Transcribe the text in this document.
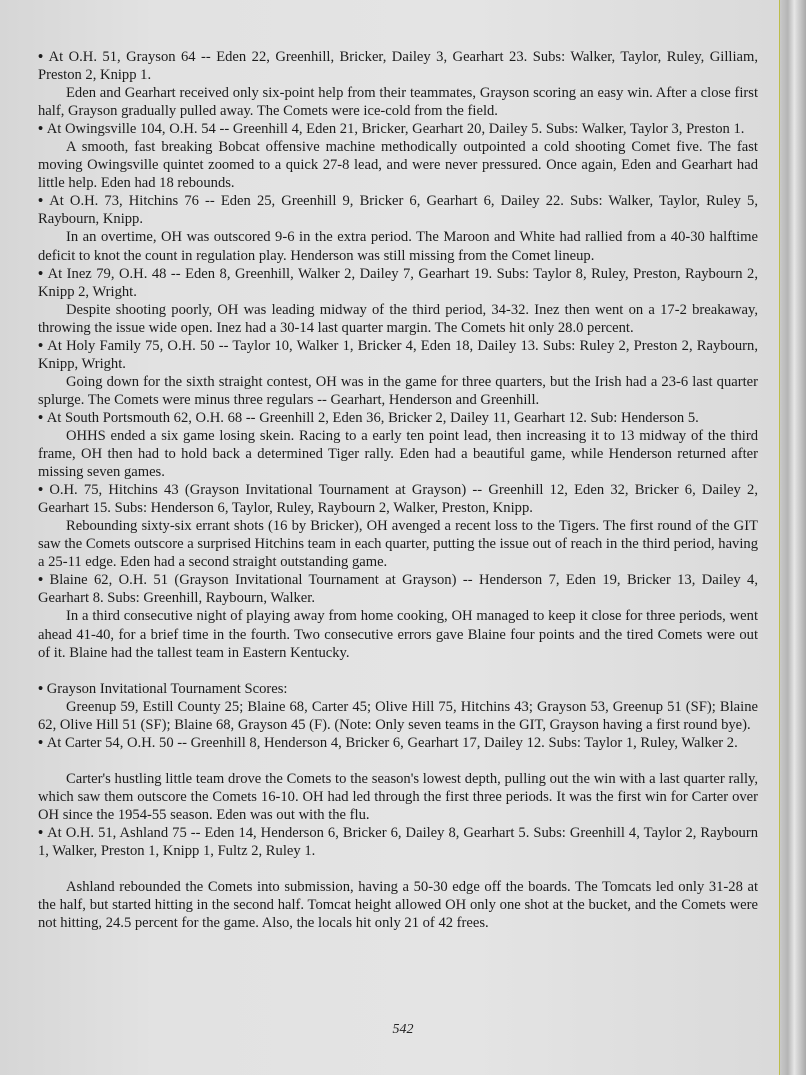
• At O.H. 51, Grayson 64 -- Eden 22, Greenhill, Bricker, Dailey 3, Gearhart 23. Subs: Walker, Taylor, Ruley, Gilliam, Preston 2, Knipp 1.

Eden and Gearhart received only six-point help from their teammates, Grayson scoring an easy win. After a close first half, Grayson gradually pulled away. The Comets were ice-cold from the field.

• At Owingsville 104, O.H. 54 -- Greenhill 4, Eden 21, Bricker, Gearhart 20, Dailey 5. Subs: Walker, Taylor 3, Preston 1.

A smooth, fast breaking Bobcat offensive machine methodically outpointed a cold shooting Comet five. The fast moving Owingsville quintet zoomed to a quick 27-8 lead, and were never pressured. Once again, Eden and Gearhart had little help. Eden had 18 rebounds.

• At O.H. 73, Hitchins 76 -- Eden 25, Greenhill 9, Bricker 6, Gearhart 6, Dailey 22. Subs: Walker, Taylor, Ruley 5, Raybourn, Knipp.

In an overtime, OH was outscored 9-6 in the extra period. The Maroon and White had rallied from a 40-30 halftime deficit to knot the count in regulation play. Henderson was still missing from the Comet lineup.

• At Inez 79, O.H. 48 -- Eden 8, Greenhill, Walker 2, Dailey 7, Gearhart 19. Subs: Taylor 8, Ruley, Preston, Raybourn 2, Knipp 2, Wright.

Despite shooting poorly, OH was leading midway of the third period, 34-32. Inez then went on a 17-2 breakaway, throwing the issue wide open. Inez had a 30-14 last quarter margin. The Comets hit only 28.0 percent.

• At Holy Family 75, O.H. 50 -- Taylor 10, Walker 1, Bricker 4, Eden 18, Dailey 13. Subs: Ruley 2, Preston 2, Raybourn, Knipp, Wright.

Going down for the sixth straight contest, OH was in the game for three quarters, but the Irish had a 23-6 last quarter splurge. The Comets were minus three regulars -- Gearhart, Henderson and Greenhill.

• At South Portsmouth 62, O.H. 68 -- Greenhill 2, Eden 36, Bricker 2, Dailey 11, Gearhart 12. Sub: Henderson 5.

OHHS ended a six game losing skein. Racing to a early ten point lead, then increasing it to 13 midway of the third frame, OH then had to hold back a determined Tiger rally. Eden had a beautiful game, while Henderson returned after missing seven games.

• O.H. 75, Hitchins 43 (Grayson Invitational Tournament at Grayson) -- Greenhill 12, Eden 32, Bricker 6, Dailey 2, Gearhart 15. Subs: Henderson 6, Taylor, Ruley, Raybourn 2, Walker, Preston, Knipp.

Rebounding sixty-six errant shots (16 by Bricker), OH avenged a recent loss to the Tigers. The first round of the GIT saw the Comets outscore a surprised Hitchins team in each quarter, putting the issue out of reach in the third period, having a 25-11 edge. Eden had a second straight outstanding game.

• Blaine 62, O.H. 51 (Grayson Invitational Tournament at Grayson) -- Henderson 7, Eden 19, Bricker 13, Dailey 4, Gearhart 8. Subs: Greenhill, Raybourn, Walker.

In a third consecutive night of playing away from home cooking, OH managed to keep it close for three periods, went ahead 41-40, for a brief time in the fourth. Two consecutive errors gave Blaine four points and the tired Comets were out of it. Blaine had the tallest team in Eastern Kentucky.

• Grayson Invitational Tournament Scores:

Greenup 59, Estill County 25; Blaine 68, Carter 45; Olive Hill 75, Hitchins 43; Grayson 53, Greenup 51 (SF); Blaine 62, Olive Hill 51 (SF); Blaine 68, Grayson 45 (F). (Note: Only seven teams in the GIT, Grayson having a first round bye).

• At Carter 54, O.H. 50 -- Greenhill 8, Henderson 4, Bricker 6, Gearhart 17, Dailey 12. Subs: Taylor 1, Ruley, Walker 2.

Carter's hustling little team drove the Comets to the season's lowest depth, pulling out the win with a last quarter rally, which saw them outscore the Comets 16-10. OH had led through the first three periods. It was the first win for Carter over OH since the 1954-55 season. Eden was out with the flu.

• At O.H. 51, Ashland 75 -- Eden 14, Henderson 6, Bricker 6, Dailey 8, Gearhart 5. Subs: Greenhill 4, Taylor 2, Raybourn 1, Walker, Preston 1, Knipp 1, Fultz 2, Ruley 1.

Ashland rebounded the Comets into submission, having a 50-30 edge off the boards. The Tomcats led only 31-28 at the half, but started hitting in the second half. Tomcat height allowed OH only one shot at the bucket, and the Comets were not hitting, 24.5 percent for the game. Also, the locals hit only 21 of 42 frees.

542
